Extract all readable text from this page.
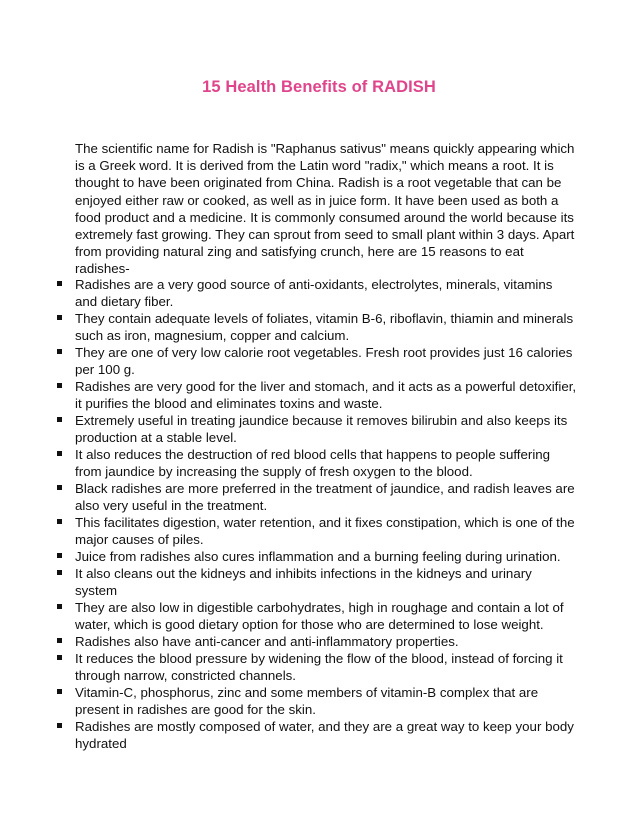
15 Health Benefits of RADISH

The scientific name for Radish is "Raphanus sativus" means quickly appearing which is a Greek word. It is derived from the Latin word "radix," which means a root. It is thought to have been originated from China. Radish is a root vegetable that can be enjoyed either raw or cooked, as well as in juice form. It have been used as both a food product and a medicine. It is commonly consumed around the world because its extremely fast growing. They can sprout from seed to small plant within 3 days. Apart from providing natural zing and satisfying crunch, here are 15 reasons to eat radishes-

Radishes are a very good source of anti-oxidants, electrolytes, minerals, vitamins and dietary fiber.
They contain adequate levels of foliates, vitamin B-6, riboflavin, thiamin and minerals such as iron, magnesium, copper and calcium.
They are one of very low calorie root vegetables. Fresh root provides just 16 calories per 100 g.
Radishes are very good for the liver and stomach, and it acts as a powerful detoxifier, it purifies the blood and eliminates toxins and waste.
Extremely useful in treating jaundice because it removes bilirubin and also keeps its production at a stable level.
It also reduces the destruction of red blood cells that happens to people suffering from jaundice by increasing the supply of fresh oxygen to the blood.
Black radishes are more preferred in the treatment of jaundice, and radish leaves are also very useful in the treatment.
This facilitates digestion, water retention, and it fixes constipation, which is one of the major causes of piles.
Juice from radishes also cures inflammation and a burning feeling during urination.
It also cleans out the kidneys and inhibits infections in the kidneys and urinary system
They are also low in digestible carbohydrates, high in roughage and contain a lot of water, which is good dietary option for those who are determined to lose weight.
Radishes also have anti-cancer and anti-inflammatory properties.
It reduces the blood pressure by widening the flow of the blood, instead of forcing it through narrow, constricted channels.
Vitamin-C, phosphorus, zinc and some members of vitamin-B complex that are present in radishes are good for the skin.
Radishes are mostly composed of water, and they are a great way to keep your body hydrated
